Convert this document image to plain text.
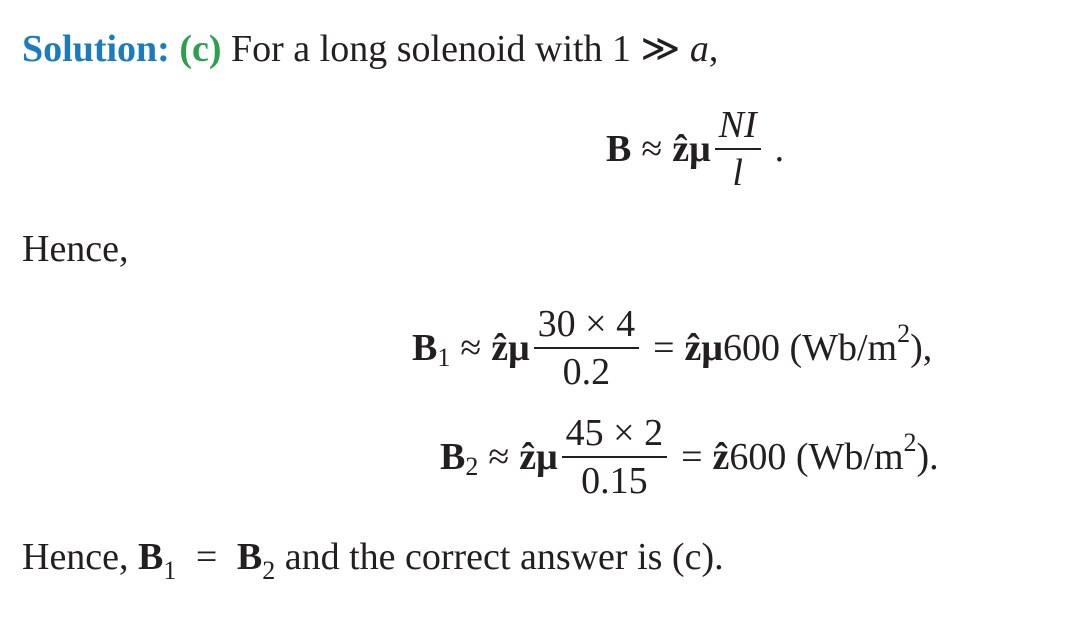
Solution: (c) For a long solenoid with 1 ≫ a,
B ≈ ẑμ $\frac{NI}{l}$ .
Hence,
B 1 ≈ ẑμ $\frac{30 \times 4}{0.2}$ = ẑμ 600 (Wb/m 2 ),
B 2 ≈ ẑμ $\frac{45 \times 2}{0.15}$ = ẑ 600 (Wb/m 2 ).
Hence, $B_1 = B_2$ and the correct answer is (c).
